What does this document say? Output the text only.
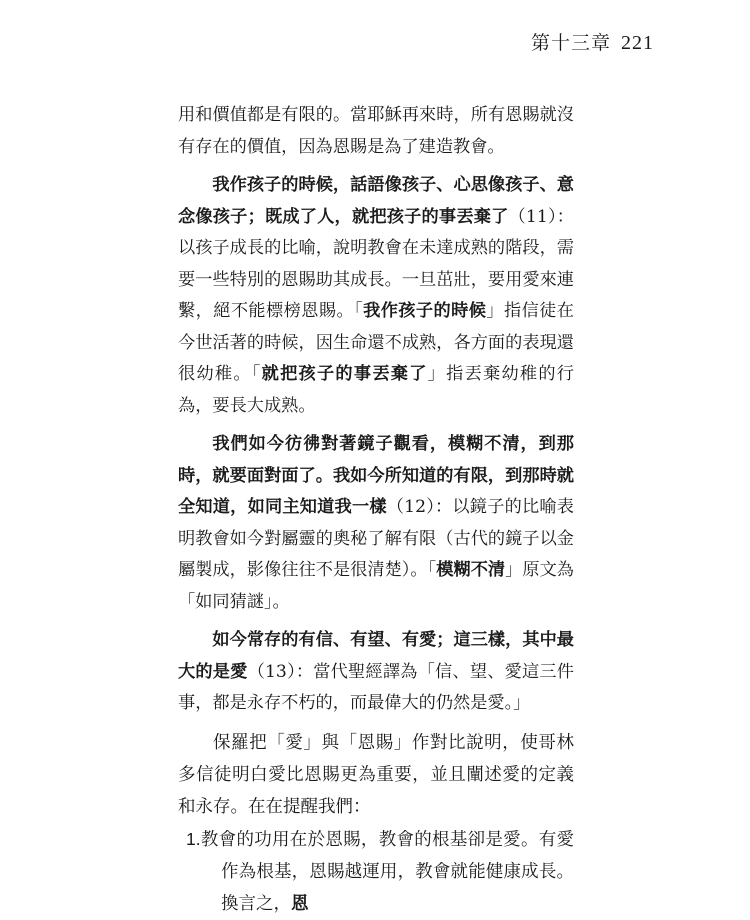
第十三章 221

用和價值都是有限的。當耶穌再來時，所有恩賜就沒有存在的價值，因為恩賜是為了建造教會。

我作孩子的時候，話語像孩子、心思像孩子、意念像孩子；既成了人，就把孩子的事丟棄了（11）：以孩子成長的比喻，說明教會在未達成熟的階段，需要一些特別的恩賜助其成長。一旦茁壯，要用愛來連繫，絕不能標榜恩賜。「我作孩子的時候」指信徒在今世活著的時候，因生命還不成熟，各方面的表現還很幼稚。「就把孩子的事丟棄了」指丟棄幼稚的行為，要長大成熟。

我們如今彷彿對著鏡子觀看，模糊不清，到那時，就要面對面了。我如今所知道的有限，到那時就全知道，如同主知道我一樣（12）：以鏡子的比喻表明教會如今對屬靈的奧秘了解有限（古代的鏡子以金屬製成，影像往往不是很清楚）。「模糊不清」原文為「如同猜謎」。

如今常存的有信、有望、有愛；這三樣，其中最大的是愛（13）：當代聖經譯為「信、望、愛這三件事，都是永存不朽的，而最偉大的仍然是愛。」

保羅把「愛」與「恩賜」作對比說明，使哥林多信徒明白愛比恩賜更為重要，並且闡述愛的定義和永存。在在提醒我們：

1.教會的功用在於恩賜，教會的根基卻是愛。有愛作為根基，恩賜越運用，教會就能健康成長。換言之，恩
